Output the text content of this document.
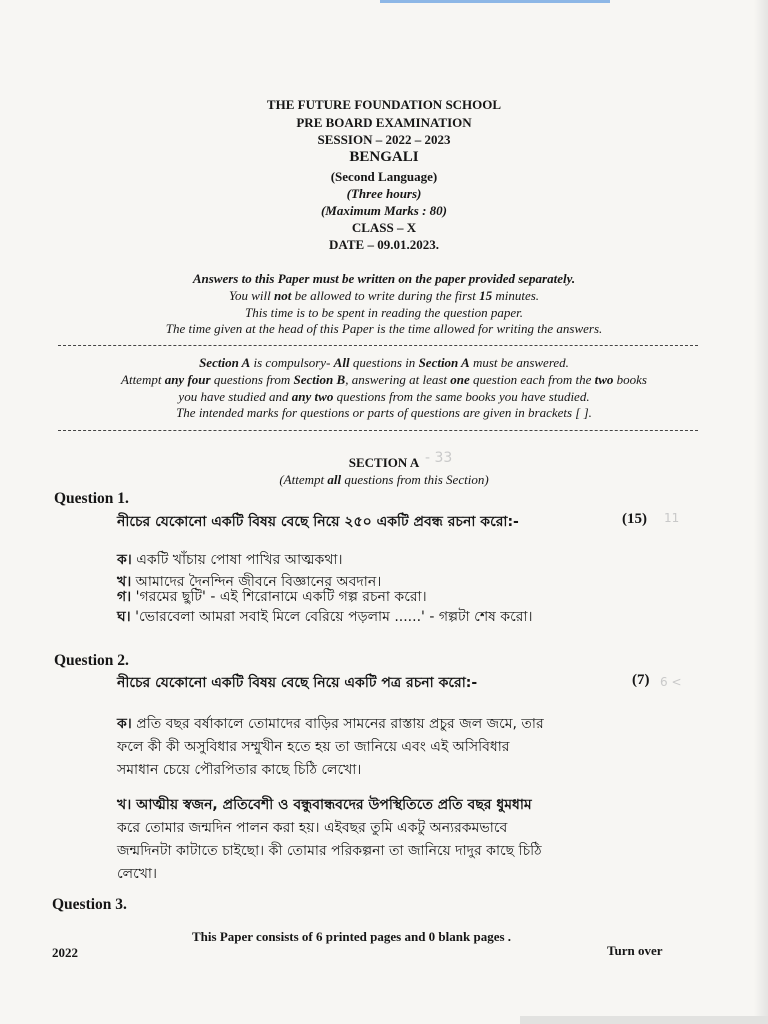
THE FUTURE FOUNDATION SCHOOL
PRE BOARD EXAMINATION
SESSION – 2022 – 2023
BENGALI
(Second Language)
(Three hours)
(Maximum Marks : 80)
CLASS – X
DATE – 09.01.2023.
Answers to this Paper must be written on the paper provided separately.
You will not be allowed to write during the first 15 minutes.
This time is to be spent in reading the question paper.
The time given at the head of this Paper is the time allowed for writing the answers.
Section A is compulsory- All questions in Section A must be answered.
Attempt any four questions from Section B, answering at least one question each from the two books
you have studied and any two questions from the same books you have studied.
The intended marks for questions or parts of questions are given in brackets [ ].
SECTION A
(Attempt all questions from this Section)
- 33
Question 1.
নীচের যেকোনো একটি বিষয় বেছে নিয়ে ২৫০ একটি প্রবন্ধ রচনা করো:-	(15) 11
ক। একটি খাঁচায় পোষা পাখির আত্মকথা।
খ। আমাদের দৈনন্দিন জীবনে বিজ্ঞানের অবদান।
গ। 'গরমের ছুটি' - এই শিরোনামে একটি গল্প রচনা করো।
ঘ। 'ভোরবেলা আমরা সবাই মিলে বেরিয়ে পড়লাম ......' - গল্পটা শেষ করো।
Question 2.
নীচের যেকোনো একটি বিষয় বেছে নিয়ে একটি পত্র রচনা করো:-	(7) 6 <
ক। প্রতি বছর বর্ষাকালে তোমাদের বাড়ির সামনের রাস্তায় প্রচুর জল জমে, তার
ফলে কী কী অসুবিধার সম্মুখীন হতে হয় তা জানিয়ে এবং এই অসিবিধার
সমাধান চেয়ে পৌরপিতার কাছে চিঠি লেখো।
খ। আত্মীয় স্বজন, প্রতিবেশী ও বন্ধুবান্ধবদের উপস্থিতিতে প্রতি বছর ধুমধাম
করে তোমার জন্মদিন পালন করা হয়। এইবছর তুমি একটু অন্যরকমভাবে
জন্মদিনটা কাটাতে চাইছো। কী তোমার পরিকল্পনা তা জানিয়ে দাদুর কাছে চিঠি
লেখো।
Question 3.
This Paper consists of 6 printed pages and 0 blank pages .
2022	Turn over
